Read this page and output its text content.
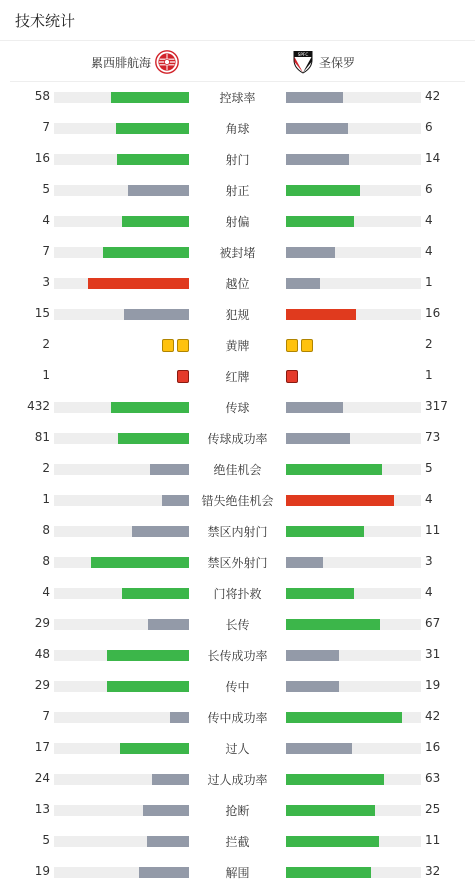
技术统计
累西腓航海
SPFC
圣保罗
58	控球率	42
7	角球	6
16	射门	14
5	射正	6
4	射偏	4
7	被封堵	4
3	越位	1
15	犯规	16
2	黄牌	2
1	红牌	1
432	传球	317
81	传球成功率	73
2	绝佳机会	5
1	错失绝佳机会	4
8	禁区内射门	11
8	禁区外射门	3
4	门将扑救	4
29	长传	67
48	长传成功率	31
29	传中	19
7	传中成功率	42
17	过人	16
24	过人成功率	63
13	抢断	25
5	拦截	11
19	解围	32
